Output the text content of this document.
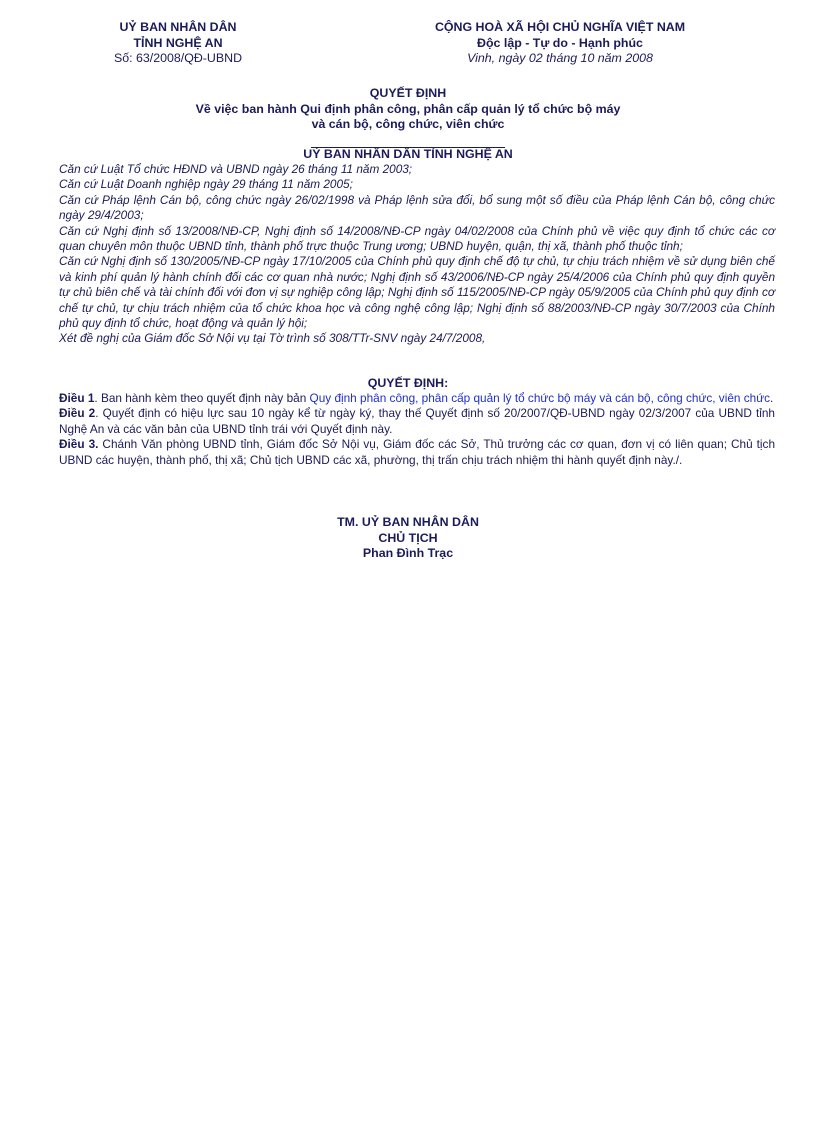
UỶ BAN NHÂN DÂN
TỈNH NGHỆ AN
Số: 63/2008/QĐ-UBND
CỘNG HOÀ XÃ HỘI CHỦ NGHĨA VIỆT NAM
Độc lập - Tự do - Hạnh phúc
Vinh, ngày 02 tháng 10 năm 2008
QUYẾT ĐỊNH
Về việc ban hành Qui định phân công, phân cấp quản lý tổ chức bộ máy
và cán bộ, công chức, viên chức
UỶ BAN NHÂN DÂN TỈNH NGHỆ AN

Căn cứ Luật Tổ chức HĐND và UBND ngày 26 tháng 11 năm 2003;

Căn cứ Luật Doanh nghiệp ngày 29 tháng 11 năm 2005;

Căn cứ Pháp lệnh Cán bộ, công chức ngày 26/02/1998 và Pháp lệnh sửa đổi, bổ sung một số điều của Pháp lệnh Cán bộ, công chức ngày 29/4/2003;

Căn cứ Nghị định số 13/2008/NĐ-CP, Nghị định số 14/2008/NĐ-CP ngày 04/02/2008 của Chính phủ về việc quy định tổ chức các cơ quan chuyên môn thuộc UBND tỉnh, thành phố trực thuộc Trung ương; UBND huyện, quận, thị xã, thành phố thuộc tỉnh;

Căn cứ Nghị định số 130/2005/NĐ-CP ngày 17/10/2005 của Chính phủ quy định chế độ tự chủ, tự chịu trách nhiệm về sử dụng biên chế và kinh phí quản lý hành chính đối các cơ quan nhà nước; Nghị định số 43/2006/NĐ-CP ngày 25/4/2006 của Chính phủ quy định quyền tự chủ biên chế và tài chính đối với đơn vị sự nghiệp công lập; Nghị định số 115/2005/NĐ-CP ngày 05/9/2005 của Chính phủ quy định cơ chế tự chủ, tự chịu trách nhiệm của tổ chức khoa học và công nghệ công lập; Nghị định số 88/2003/NĐ-CP ngày 30/7/2003 của Chính phủ quy định tổ chức, hoạt động và quản lý hội;

Xét đề nghị của Giám đốc Sở Nội vụ tại Tờ trình số 308/TTr-SNV ngày 24/7/2008,

QUYẾT ĐỊNH:

Điều 1. Ban hành kèm theo quyết định này bản Quy định phân công, phân cấp quản lý tổ chức bộ máy và cán bộ, công chức, viên chức.

Điều 2. Quyết định có hiệu lực sau 10 ngày kể từ ngày ký, thay thế Quyết định số 20/2007/QĐ-UBND ngày 02/3/2007 của UBND tỉnh Nghệ An và các văn bản của UBND tỉnh trái với Quyết định này.

Điều 3. Chánh Văn phòng UBND tỉnh, Giám đốc Sở Nội vụ, Giám đốc các Sở, Thủ trưởng các cơ quan, đơn vị có liên quan; Chủ tịch UBND các huyện, thành phố, thị xã; Chủ tịch UBND các xã, phường, thị trấn chịu trách nhiệm thi hành quyết định này./.

TM. UỶ BAN NHÂN DÂN
CHỦ TỊCH
Phan Đình Trạc
